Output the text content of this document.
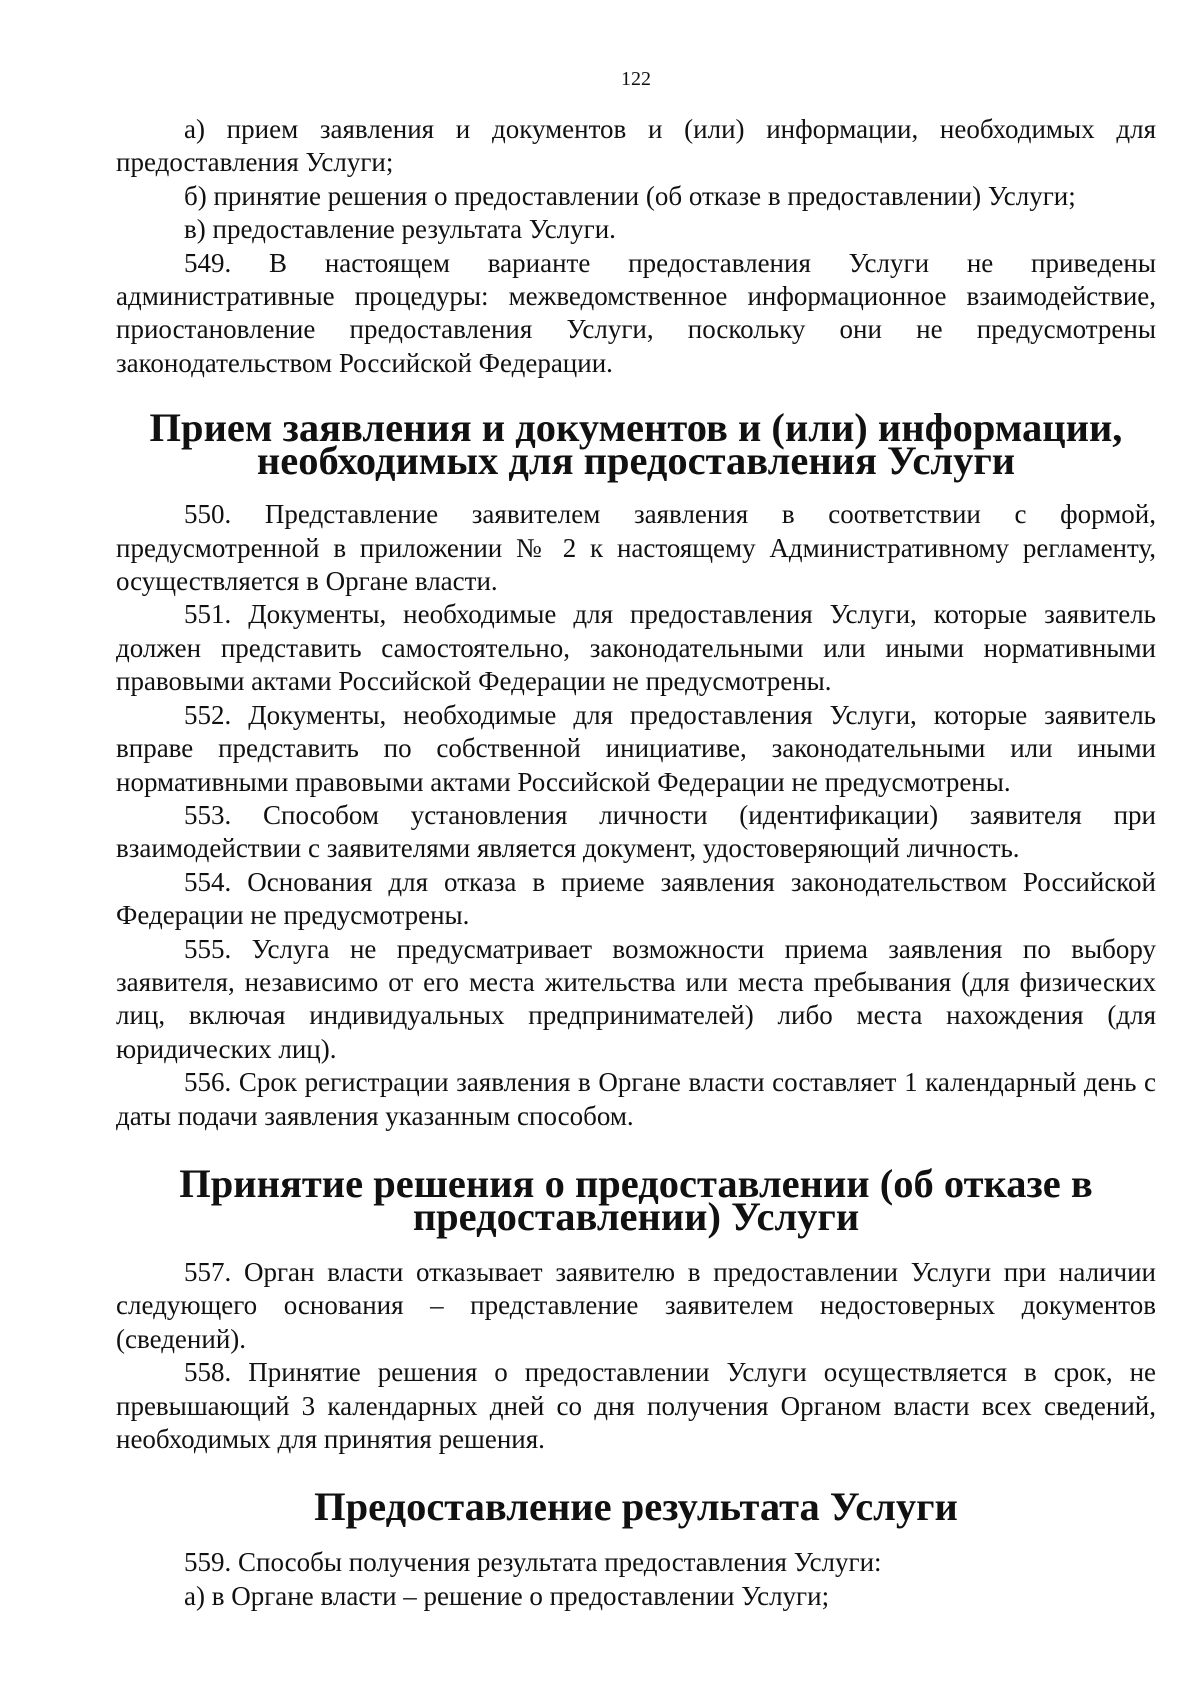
122

а) прием заявления и документов и (или) информации, необходимых для предоставления Услуги;

б) принятие решения о предоставлении (об отказе в предоставлении) Услуги;

в) предоставление результата Услуги.

549. В настоящем варианте предоставления Услуги не приведены административные процедуры: межведомственное информационное взаимодействие, приостановление предоставления Услуги, поскольку они не предусмотрены законодательством Российской Федерации.

Прием заявления и документов и (или) информации, необходимых для предоставления Услуги

550. Представление заявителем заявления в соответствии с формой, предусмотренной в приложении № 2 к настоящему Административному регламенту, осуществляется в Органе власти.

551. Документы, необходимые для предоставления Услуги, которые заявитель должен представить самостоятельно, законодательными или иными нормативными правовыми актами Российской Федерации не предусмотрены.

552. Документы, необходимые для предоставления Услуги, которые заявитель вправе представить по собственной инициативе, законодательными или иными нормативными правовыми актами Российской Федерации не предусмотрены.

553. Способом установления личности (идентификации) заявителя при взаимодействии с заявителями является документ, удостоверяющий личность.

554. Основания для отказа в приеме заявления законодательством Российской Федерации не предусмотрены.

555. Услуга не предусматривает возможности приема заявления по выбору заявителя, независимо от его места жительства или места пребывания (для физических лиц, включая индивидуальных предпринимателей) либо места нахождения (для юридических лиц).

556. Срок регистрации заявления в Органе власти составляет 1 календарный день с даты подачи заявления указанным способом.

Принятие решения о предоставлении (об отказе в предоставлении) Услуги

557. Орган власти отказывает заявителю в предоставлении Услуги при наличии следующего основания – представление заявителем недостоверных документов (сведений).

558. Принятие решения о предоставлении Услуги осуществляется в срок, не превышающий 3 календарных дней со дня получения Органом власти всех сведений, необходимых для принятия решения.

Предоставление результата Услуги

559. Способы получения результата предоставления Услуги:

а) в Органе власти – решение о предоставлении Услуги;
